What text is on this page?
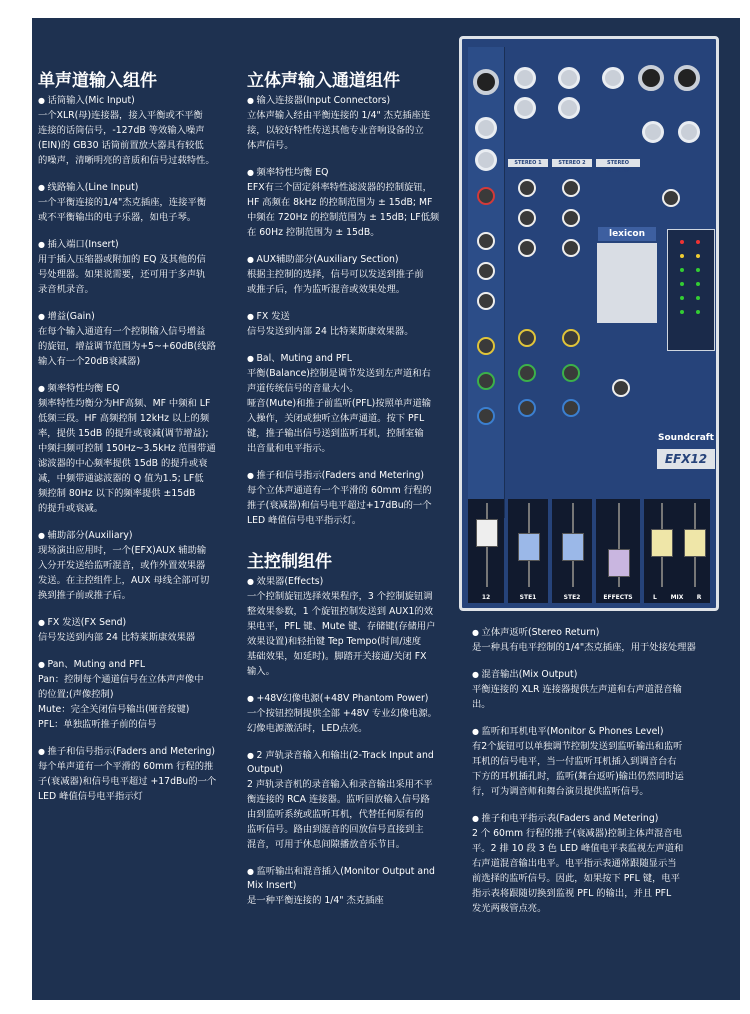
单声道输入组件
● 话筒输入(Mic Input)
一个XLR(母)连接器，接入平衡或不平衡
连接的话筒信号，-127dB 等效输入噪声
(EIN)的 GB30 话筒前置放大器具有较低
的噪声，清晰明亮的音质和信号过载特性。
● 线路输入(Line Input)
一个平衡连接的1/4"杰克插座，连接平衡
或不平衡输出的电子乐器，如电子琴。
● 插入端口(Insert)
用于插入压缩器或附加的 EQ 及其他的信
号处理器。如果说需要，还可用于多声轨
录音机录音。
● 增益(Gain)
在每个输入通道有一个控制输入信号增益
的旋钮，增益调节范围为+5~+60dB(线路
输入有一个20dB衰减器)
● 频率特性均衡 EQ
频率特性均衡分为HF高频、MF 中频和 LF
低频三段。HF 高频控制 12kHz 以上的频
率，提供 15dB 的提升或衰减(调节增益);
中频扫频可控制 150Hz~3.5kHz 范围带通
滤波器的中心频率提供 15dB 的提升或衰
减，中频带通滤波器的 Q 值为1.5; LF低
频控制 80Hz 以下的频率提供 ±15dB
的提升或衰减。
● 辅助部分(Auxiliary)
现场演出应用时，一个(EFX)AUX 辅助输
入分开发送给监听混音，或作外置效果器
发送。在主控组件上，AUX 母线全部可切
换到推子前或推子后。
● FX 发送(FX Send)
信号发送到内部 24 比特莱斯康效果器
● Pan、Muting and PFL
Pan：控制每个通道信号在立体声声像中
的位置;(声像控制)
Mute：完全关闭信号输出(哑音按键)
PFL：单独监听推子前的信号
● 推子和信号指示(Faders and Metering)
每个单声道有一个平滑的 60mm 行程的推
子(衰减器)和信号电平超过 +17dBu的一个
LED 峰值信号电平指示灯
立体声输入通道组件
● 输入连接器(Input Connectors)
立体声输入经由平衡连接的 1/4" 杰克插座连
接，以较好特性传送其他专业音响设备的立
体声信号。
● 频率特性均衡 EQ
EFX有三个固定斜率特性滤波器的控制旋钮，
HF 高频在 8kHz 的控制范围为 ± 15dB; MF
中频在 720Hz 的控制范围为 ± 15dB; LF低频
在 60Hz 控制范围为 ± 15dB。
● AUX辅助部分(Auxiliary Section)
根据主控制的选择，信号可以发送到推子前
或推子后，作为监听混音或效果处理。
● FX 发送
信号发送到内部 24 比特莱斯康效果器。
● Bal、Muting and PFL
平衡(Balance)控制是调节发送到左声道和右
声道传统信号的音量大小。
哑音(Mute)和推子前监听(PFL)按照单声道输
入操作，关闭或独听立体声通道。按下 PFL
键，推子输出信号送到监听耳机，控制室输
出音量和电平指示。
● 推子和信号指示(Faders and Metering)
每个立体声通道有一个平滑的 60mm 行程的
推子(衰减器)和信号电平超过+17dBu的一个
LED 峰值信号电平指示灯。
主控制组件
● 效果器(Effects)
一个控制旋钮选择效果程序，3 个控制旋钮调
整效果参数，1 个旋钮控制发送到 AUX1的效
果电平，PFL 键、Mute 键、存储键(存储用户
效果设置)和轻拍键 Tep Tempo(时间/速度
基础效果，如延时)。脚踏开关接通/关闭 FX
输入。
● +48V幻像电源(+48V Phantom Power)
一个按钮控制提供全部 +48V 专业幻像电源。
幻像电源激活时，LED点亮。
● 2 声轨录音输入和输出(2-Track Input and Output)
2 声轨录音机的录音输入和录音输出采用不平
衡连接的 RCA 连接器。监听回放输入信号路
由到监听系统或监听耳机，代替任何原有的
监听信号。路由到混音的回放信号直接到主
混音，可用于休息间隙播放音乐节目。
● 监听输出和混音插入(Monitor Output and Mix Insert)
是一种平衡连接的 1/4" 杰克插座
● 立体声返听(Stereo Return)
是一种具有电平控制的1/4"杰克插座，用于处接处理器
● 混音输出(Mix Output)
平衡连接的 XLR 连接器提供左声道和右声道混音输
出。
● 监听和耳机电平(Monitor & Phones Level)
有2个旋钮可以单独调节控制发送到监听输出和监听
耳机的信号电平，当一付监听耳机插入到调音台右
下方的耳机插孔时，监听(舞台返听)输出仍然同时运
行，可为调音师和舞台演员提供监听信号。
● 推子和电平指示表(Faders and Metering)
2 个 60mm 行程的推子(衰减器)控制主体声混音电
平。2 排 10 段 3 色 LED 峰值电平表监视左声道和
右声道混音输出电平。电平指示表通常跟随显示当
前选择的监听信号。因此，如果按下 PFL 键，电平
指示表将跟随切换到监视 PFL 的输出，并且 PFL
发光两极管点亮。
STEREO 1	STEREO 2	STEREO RETURN
lexicon
Soundcraft
EFX12
12	STE1	STE2	EFFECTS	L	MIX	R
